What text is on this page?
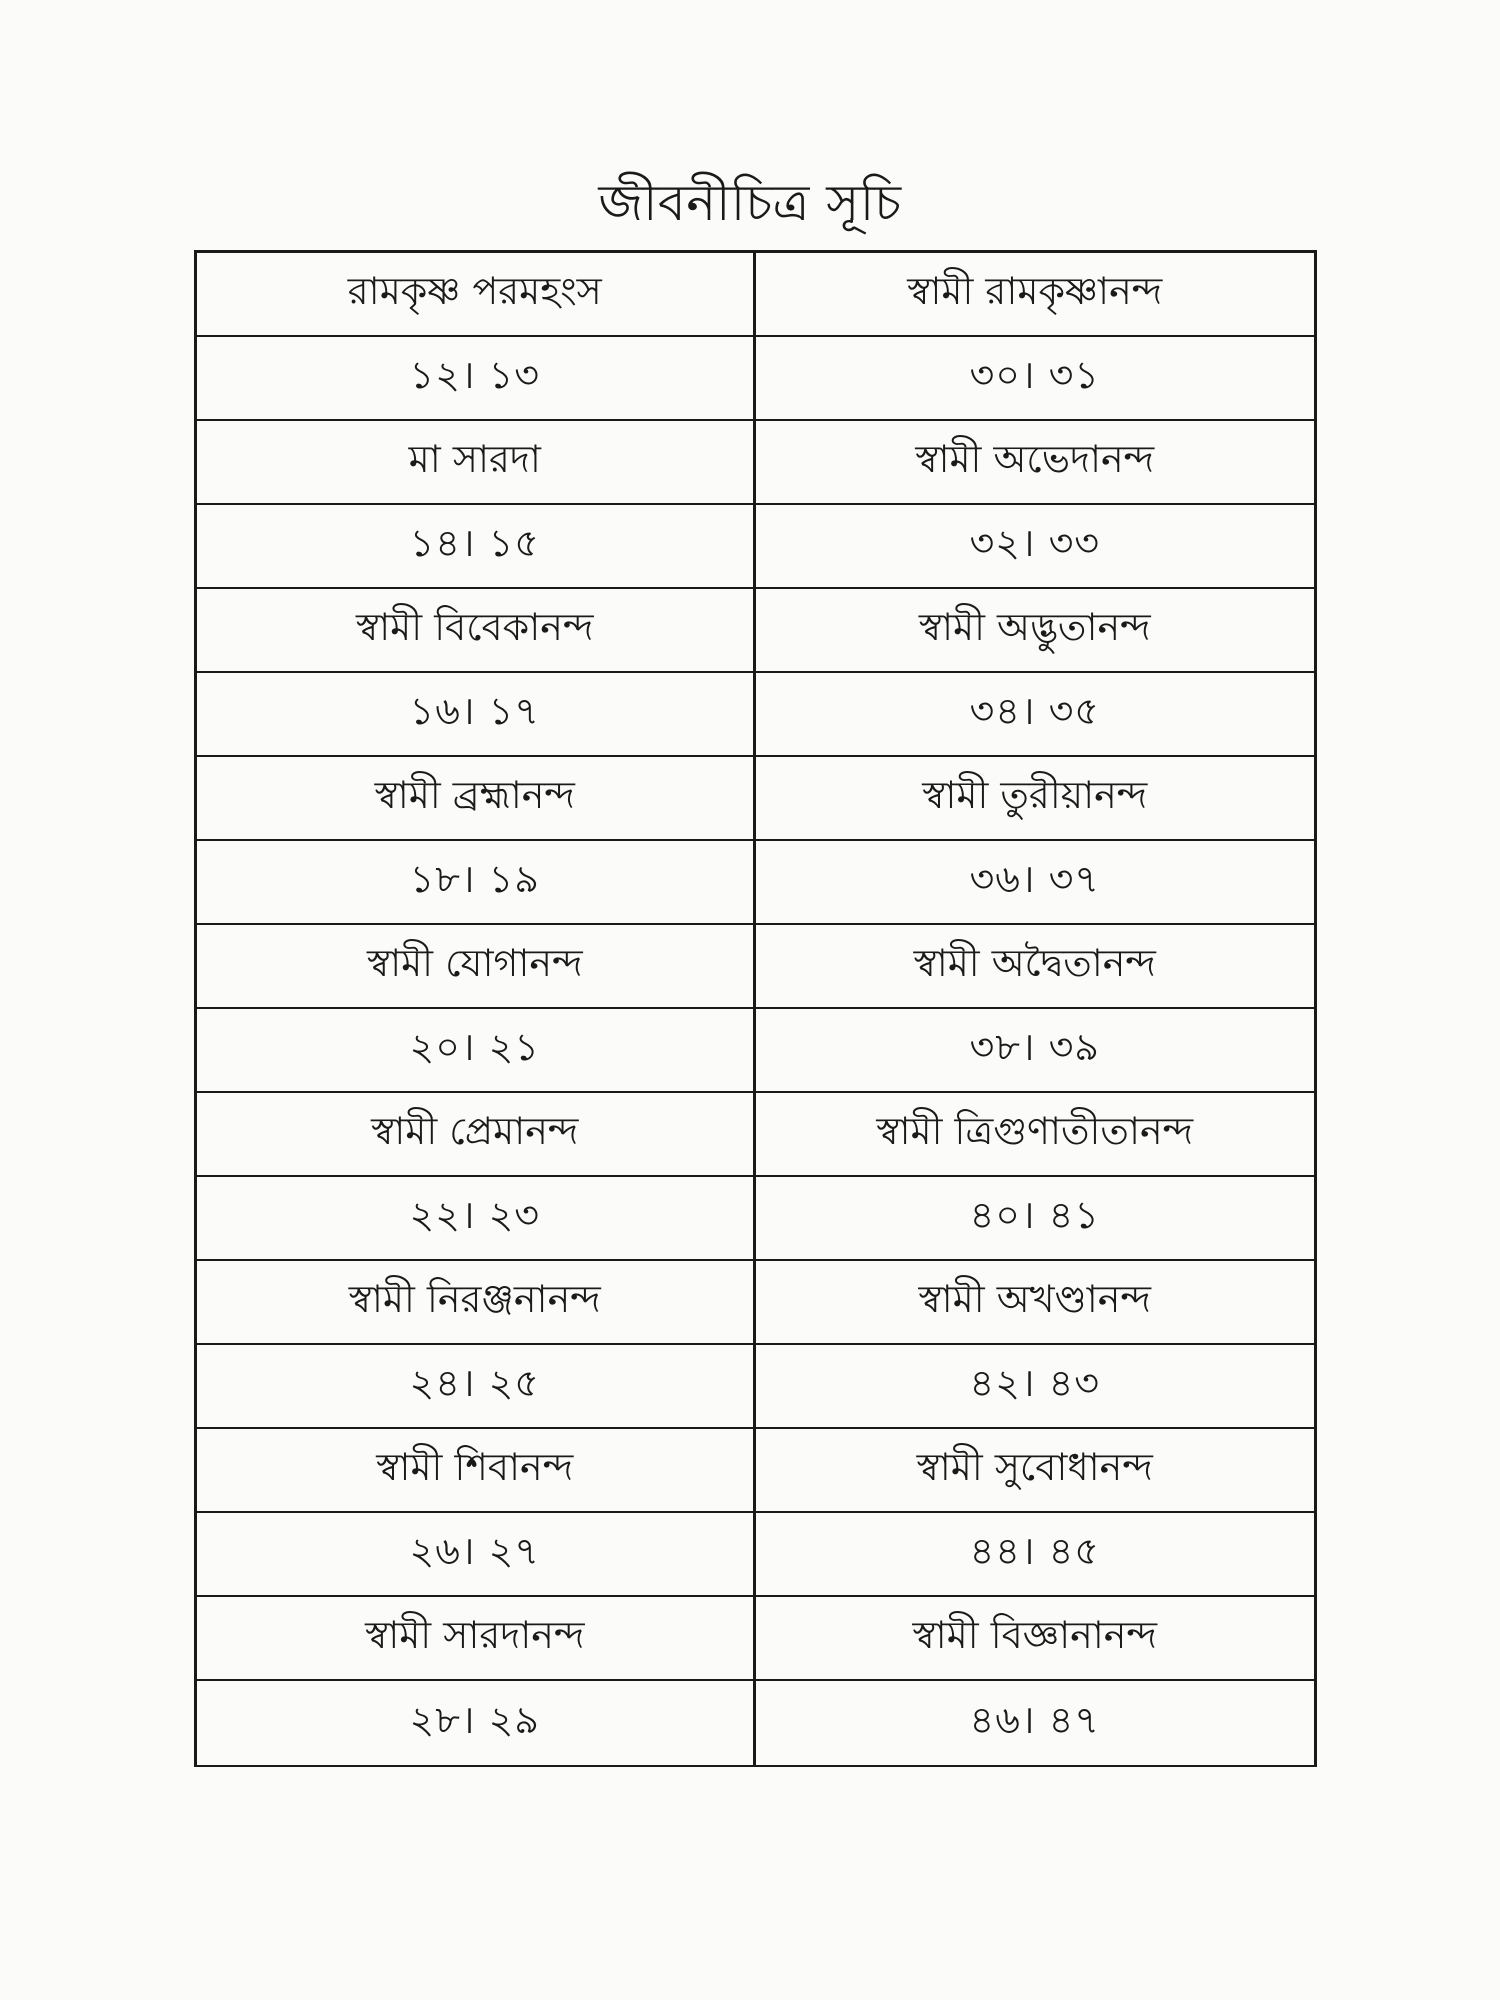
জীবনীচিত্র সূচি
রামকৃষ্ণ পরমহংস	স্বামী রামকৃষ্ণানন্দ
১২। ১৩	৩০। ৩১
মা সারদা	স্বামী অভেদানন্দ
১৪। ১৫	৩২। ৩৩
স্বামী বিবেকানন্দ	স্বামী অদ্ভুতানন্দ
১৬। ১৭	৩৪। ৩৫
স্বামী ব্রহ্মানন্দ	স্বামী তুরীয়ানন্দ
১৮। ১৯	৩৬। ৩৭
স্বামী যোগানন্দ	স্বামী অদ্বৈতানন্দ
২০। ২১	৩৮। ৩৯
স্বামী প্রেমানন্দ	স্বামী ত্রিগুণাতীতানন্দ
২২। ২৩	৪০। ৪১
স্বামী নিরঞ্জনানন্দ	স্বামী অখণ্ডানন্দ
২৪। ২৫	৪২। ৪৩
স্বামী শিবানন্দ	স্বামী সুবোধানন্দ
২৬। ২৭	৪৪। ৪৫
স্বামী সারদানন্দ	স্বামী বিজ্ঞানানন্দ
২৮। ২৯	৪৬। ৪৭
